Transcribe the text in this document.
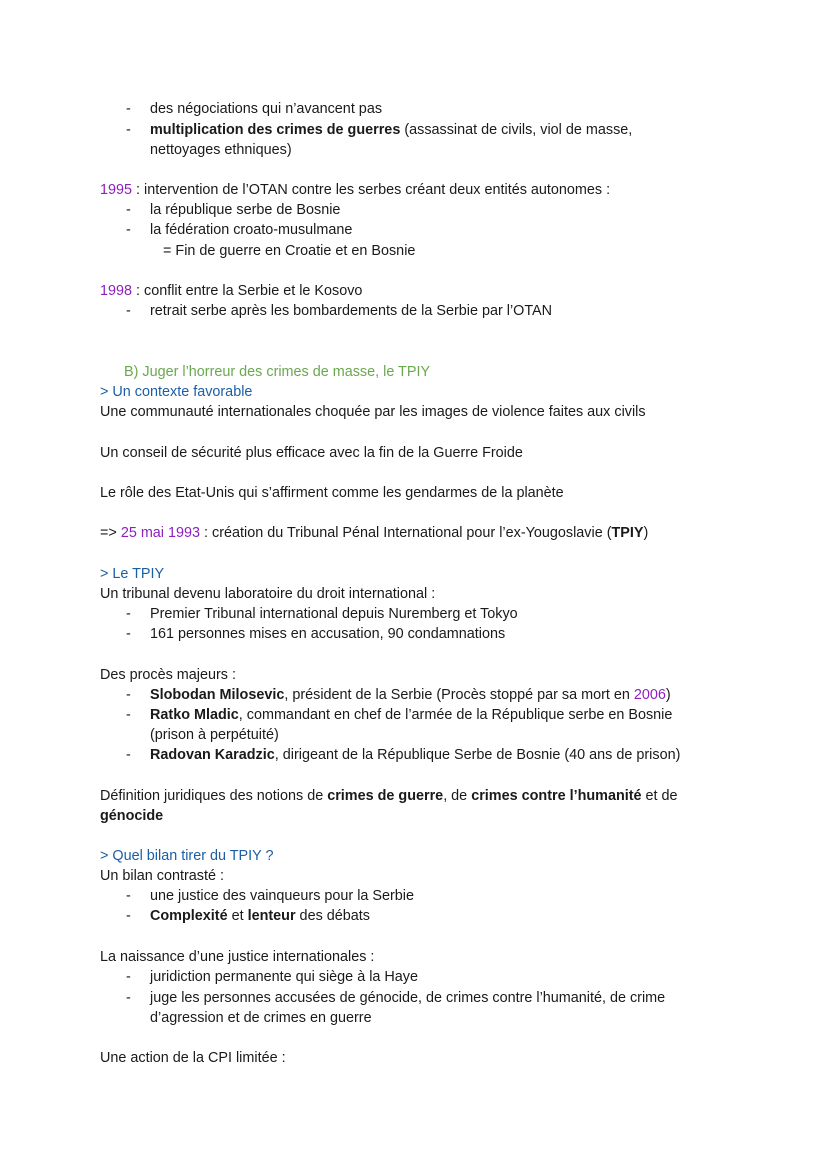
- des négociations qui n’avancent pas
- multiplication des crimes de guerres (assassinat de civils, viol de masse,
nettoyages ethniques)
1995 : intervention de l’OTAN contre les serbes créant deux entités autonomes :
- la république serbe de Bosnie
- la fédération croato-musulmane
= Fin de guerre en Croatie et en Bosnie
1998 : conflit entre la Serbie et le Kosovo
- retrait serbe après les bombardements de la Serbie par l’OTAN
B) Juger l’horreur des crimes de masse, le TPIY
> Un contexte favorable
Une communauté internationales choquée par les images de violence faites aux civils
Un conseil de sécurité plus efficace avec la fin de la Guerre Froide
Le rôle des Etat-Unis qui s’affirment comme les gendarmes de la planète
=> 25 mai 1993 : création du Tribunal Pénal International pour l’ex-Yougoslavie (TPIY)
> Le TPIY
Un tribunal devenu laboratoire du droit international :
- Premier Tribunal international depuis Nuremberg et Tokyo
- 161 personnes mises en accusation, 90 condamnations
Des procès majeurs :
- Slobodan Milosevic, président de la Serbie (Procès stoppé par sa mort en 2006)
- Ratko Mladic, commandant en chef de l’armée de la République serbe en Bosnie
(prison à perpétuité)
- Radovan Karadzic, dirigeant de la République Serbe de Bosnie (40 ans de prison)
Définition juridiques des notions de crimes de guerre, de crimes contre l’humanité et de
génocide
> Quel bilan tirer du TPIY ?
Un bilan contrasté :
- une justice des vainqueurs pour la Serbie
- Complexité et lenteur des débats
La naissance d’une justice internationales :
- juridiction permanente qui siège à la Haye
- juge les personnes accusées de génocide, de crimes contre l’humanité, de crime
d’agression et de crimes en guerre
Une action de la CPI limitée :
